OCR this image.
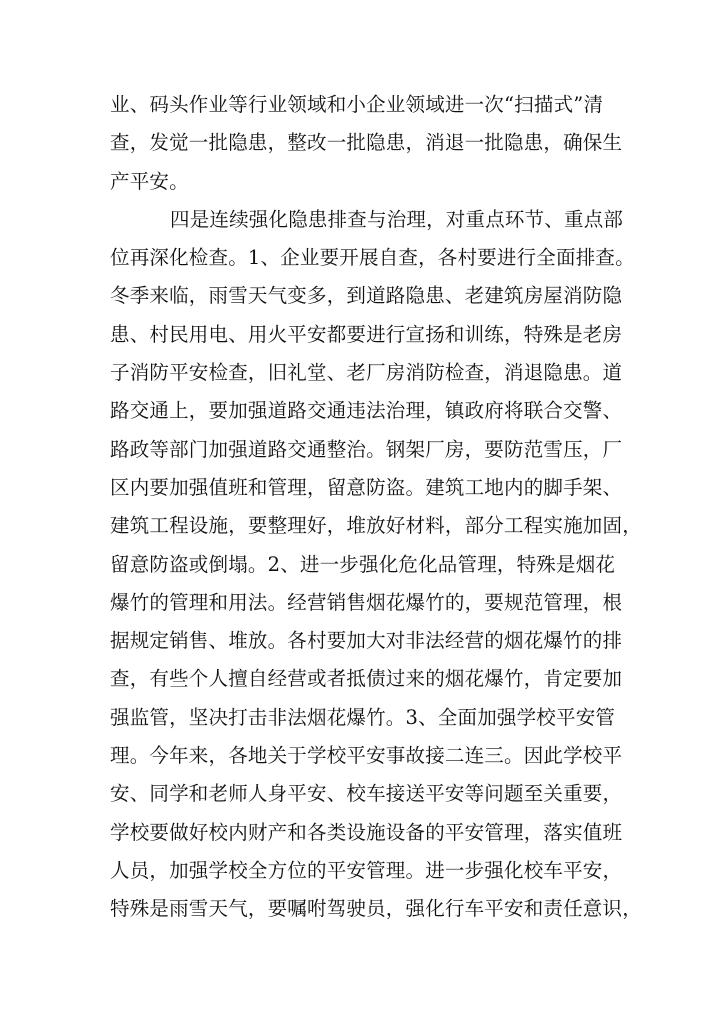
业、码头作业等行业领域和小企业领域进一次“扫描式”清
查，发觉一批隐患，整改一批隐患，消退一批隐患，确保生
产平安。
四是连续强化隐患排查与治理，对重点环节、重点部
位再深化检查。1、企业要开展自查，各村要进行全面排查。
冬季来临，雨雪天气变多，到道路隐患、老建筑房屋消防隐
患、村民用电、用火平安都要进行宣扬和训练，特殊是老房
子消防平安检查，旧礼堂、老厂房消防检查，消退隐患。道
路交通上，要加强道路交通违法治理，镇政府将联合交警、
路政等部门加强道路交通整治。钢架厂房，要防范雪压，厂
区内要加强值班和管理，留意防盗。建筑工地内的脚手架、
建筑工程设施，要整理好，堆放好材料，部分工程实施加固，
留意防盗或倒塌。2、进一步强化危化品管理，特殊是烟花
爆竹的管理和用法。经营销售烟花爆竹的，要规范管理，根
据规定销售、堆放。各村要加大对非法经营的烟花爆竹的排
查，有些个人擅自经营或者抵债过来的烟花爆竹，肯定要加
强监管，坚决打击非法烟花爆竹。3、全面加强学校平安管
理。今年来，各地关于学校平安事故接二连三。因此学校平
安、同学和老师人身平安、校车接送平安等问题至关重要，
学校要做好校内财产和各类设施设备的平安管理，落实值班
人员，加强学校全方位的平安管理。进一步强化校车平安，
特殊是雨雪天气，要嘱咐驾驶员，强化行车平安和责任意识，
